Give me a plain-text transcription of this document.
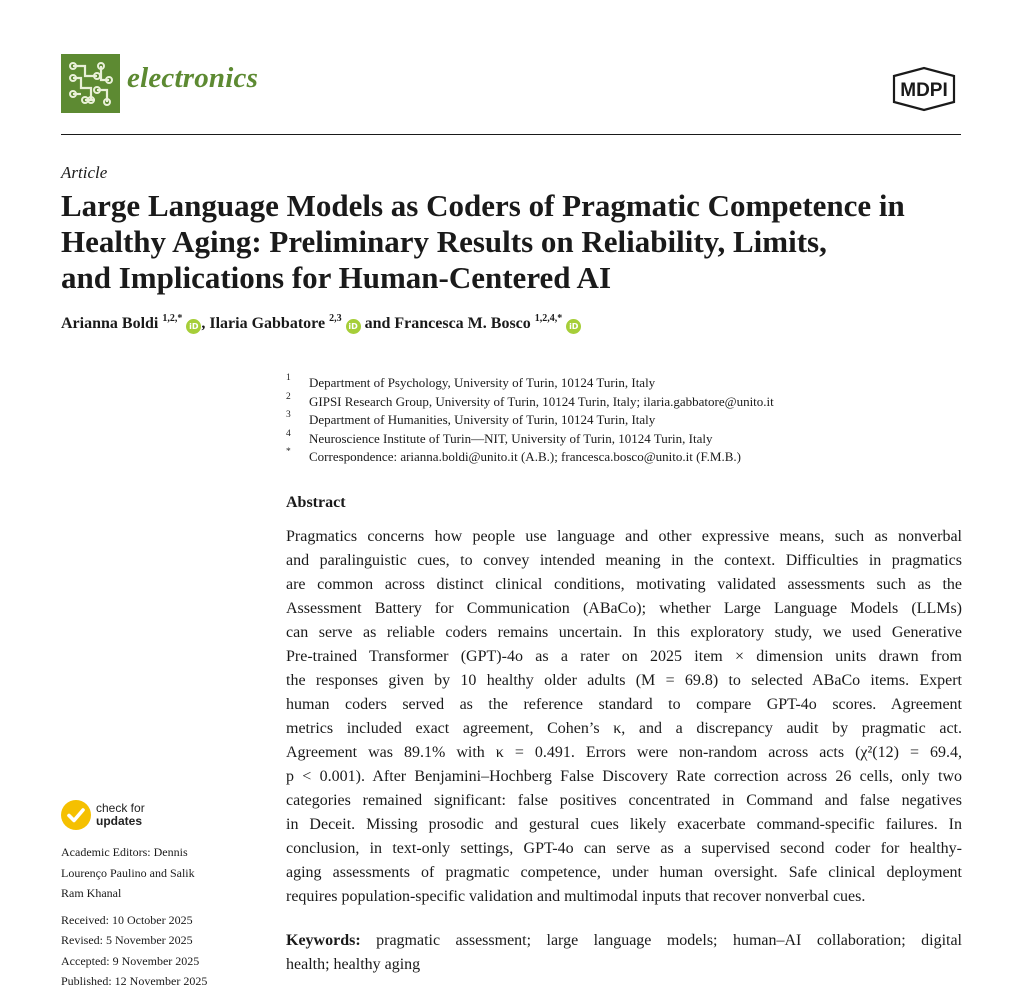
electronics	MDPI
Article
Large Language Models as Coders of Pragmatic Competence in
Healthy Aging: Preliminary Results on Reliability, Limits,
and Implications for Human-Centered AI
Arianna Boldi $^{1,2,*}$ iD , Ilaria Gabbatore $^{2,3}$ iD and Francesca M. Bosco $^{1,2,4,*}$ iD
1 Department of Psychology, University of Turin, 10124 Turin, Italy
2 GIPSI Research Group, University of Turin, 10124 Turin, Italy; ilaria.gabbatore@unito.it
3 Department of Humanities, University of Turin, 10124 Turin, Italy
4 Neuroscience Institute of Turin—NIT, University of Turin, 10124 Turin, Italy
* Correspondence: arianna.boldi@unito.it (A.B.); francesca.bosco@unito.it (F.M.B.)
Abstract
Pragmatics concerns how people use language and other expressive means, such as nonverbal
and paralinguistic cues, to convey intended meaning in the context. Difficulties in pragmatics
are common across distinct clinical conditions, motivating validated assessments such as the
Assessment Battery for Communication (ABaCo); whether Large Language Models (LLMs)
can serve as reliable coders remains uncertain. In this exploratory study, we used Generative
Pre-trained Transformer (GPT)-4o as a rater on 2025 item × dimension units drawn from
the responses given by 10 healthy older adults (M = 69.8) to selected ABaCo items. Expert
human coders served as the reference standard to compare GPT-4o scores. Agreement
metrics included exact agreement, Cohen’s κ, and a discrepancy audit by pragmatic act.
Agreement was 89.1% with κ = 0.491. Errors were non-random across acts (χ²(12) = 69.4,
p < 0.001). After Benjamini–Hochberg False Discovery Rate correction across 26 cells, only two
categories remained significant: false positives concentrated in Command and false negatives
in Deceit. Missing prosodic and gestural cues likely exacerbate command-specific failures. In
conclusion, in text-only settings, GPT-4o can serve as a supervised second coder for healthy-
aging assessments of pragmatic competence, under human oversight. Safe clinical deployment
requires population-specific validation and multimodal inputs that recover nonverbal cues.
Keywords: pragmatic assessment; large language models; human–AI collaboration; digital
health; healthy aging
check for
updates
Academic Editors: Dennis
Lourenço Paulino and Salik
Ram Khanal
Received: 10 October 2025
Revised: 5 November 2025
Accepted: 9 November 2025
Published: 12 November 2025
